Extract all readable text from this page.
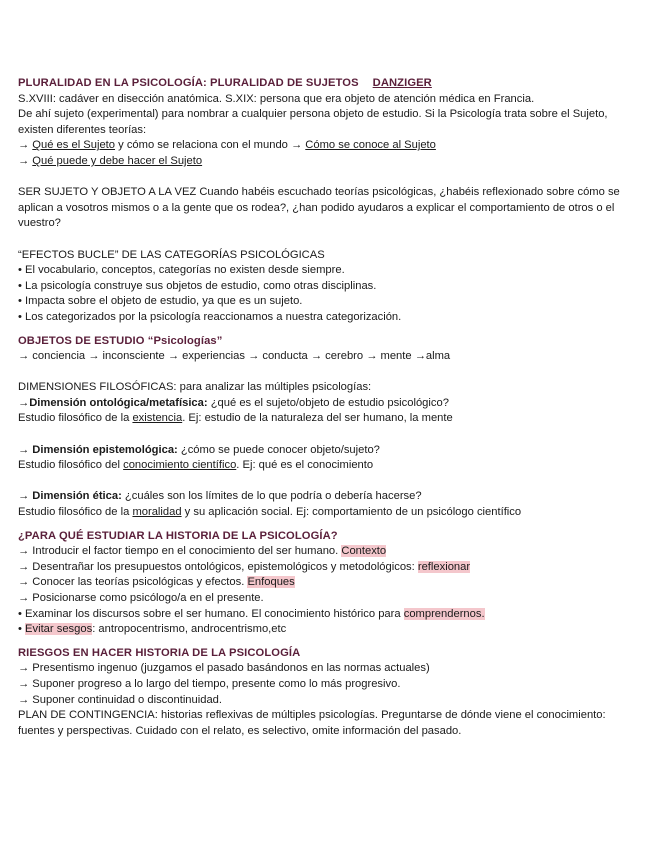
PLURALIDAD EN LA PSICOLOGÍA: PLURALIDAD DE SUJETOS DANZIGER
S.XVIII: cadáver en disección anatómica. S.XIX: persona que era objeto de atención médica en Francia.
De ahí sujeto (experimental) para nombrar a cualquier persona objeto de estudio. Si la Psicología trata sobre el Sujeto, existen diferentes teorías:
→ Qué es el Sujeto y cómo se relaciona con el mundo → Cómo se conoce al Sujeto
→ Qué puede y debe hacer el Sujeto
SER SUJETO Y OBJETO A LA VEZ Cuando habéis escuchado teorías psicológicas, ¿habéis reflexionado sobre cómo se aplican a vosotros mismos o a la gente que os rodea?, ¿han podido ayudaros a explicar el comportamiento de otros o el vuestro?
“EFECTOS BUCLE” DE LAS CATEGORÍAS PSICOLÓGICAS
• El vocabulario, conceptos, categorías no existen desde siempre.
• La psicología construye sus objetos de estudio, como otras disciplinas.
• Impacta sobre el objeto de estudio, ya que es un sujeto.
• Los categorizados por la psicología reaccionamos a nuestra categorización.
OBJETOS DE ESTUDIO “Psicologías”
→ conciencia → inconsciente → experiencias → conducta → cerebro → mente →alma
DIMENSIONES FILOSÓFICAS: para analizar las múltiples psicologías:
→Dimensión ontológica/metafísica: ¿qué es el sujeto/objeto de estudio psicológico?
Estudio filosófico de la existencia. Ej: estudio de la naturaleza del ser humano, la mente
→ Dimensión epistemológica: ¿cómo se puede conocer objeto/sujeto?
Estudio filosófico del conocimiento científico. Ej: qué es el conocimiento
→ Dimensión ética: ¿cuáles son los límites de lo que podría o debería hacerse?
Estudio filosófico de la moralidad y su aplicación social. Ej: comportamiento de un psicólogo científico
¿PARA QUÉ ESTUDIAR LA HISTORIA DE LA PSICOLOGÍA?
→ Introducir el factor tiempo en el conocimiento del ser humano. Contexto
→ Desentrañar los presupuestos ontológicos, epistemológicos y metodológicos: reflexionar
→ Conocer las teorías psicológicas y efectos. Enfoques
→ Posicionarse como psicólogo/a en el presente.
• Examinar los discursos sobre el ser humano. El conocimiento histórico para comprendernos.
• Evitar sesgos: antropocentrismo, androcentrismo,etc
RIESGOS EN HACER HISTORIA DE LA PSICOLOGÍA
→ Presentismo ingenuo (juzgamos el pasado basándonos en las normas actuales)
→ Suponer progreso a lo largo del tiempo, presente como lo más progresivo.
→ Suponer continuidad o discontinuidad.
PLAN DE CONTINGENCIA: historias reflexivas de múltiples psicologías. Preguntarse de dónde viene el conocimiento: fuentes y perspectivas. Cuidado con el relato, es selectivo, omite información del pasado.
